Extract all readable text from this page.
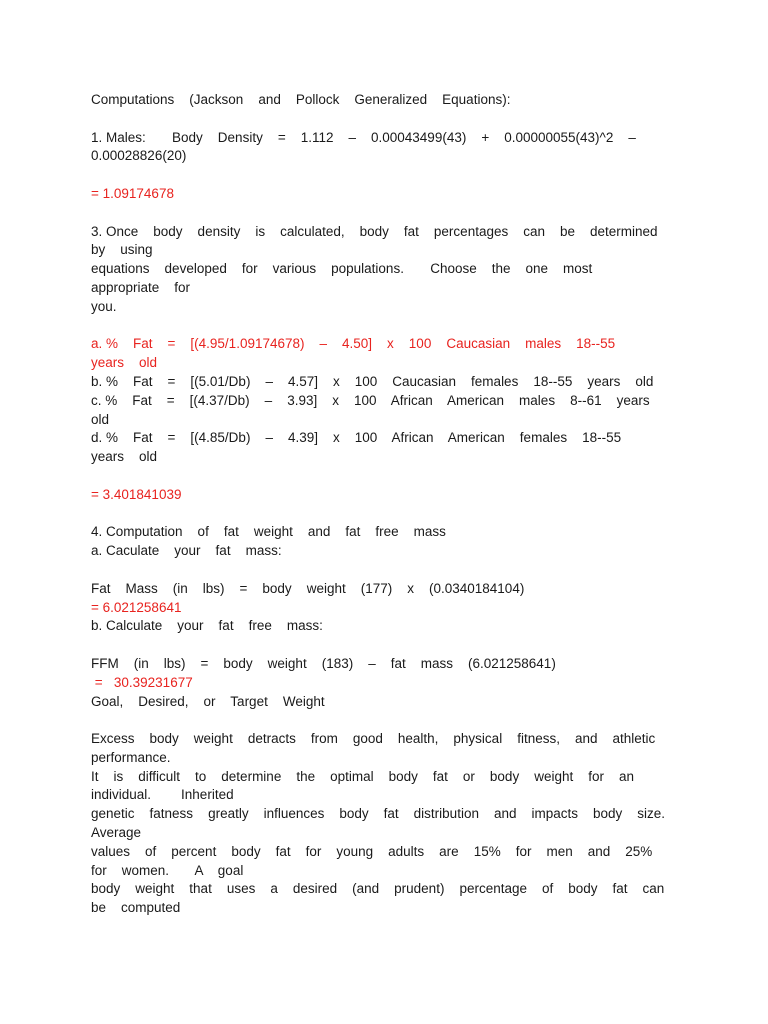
Computations    (Jackson    and    Pollock    Generalized    Equations):
1. Males:       Body    Density    =    1.112    –    0.00043499(43)    +    0.00000055(43)^2    –
0.00028826(20)
= 1.09174678
3. Once    body    density    is    calculated,    body    fat    percentages    can    be    determined
by    using
equations    developed    for    various    populations.       Choose    the    one    most
appropriate    for
you.
a. %    Fat    =    [(4.95/1.09174678)    –    4.50]    x    100    Caucasian    males    18--55
years    old
b. %    Fat    =    [(5.01/Db)    –    4.57]    x    100    Caucasian    females    18--55    years    old
c. %    Fat    =    [(4.37/Db)    –    3.93]    x    100    African    American    males    8--61    years
old
d. %    Fat    =    [(4.85/Db)    –    4.39]    x    100    African    American    females    18--55
years    old
= 3.401841039
4. Computation    of    fat    weight    and    fat    free    mass
a. Caculate    your    fat    mass:
Fat    Mass    (in    lbs)    =    body    weight    (177)    x    (0.0340184104)
= 6.021258641
b. Calculate    your    fat    free    mass:
FFM    (in    lbs)    =    body    weight    (183)    –    fat    mass    (6.021258641)
=   30.39231677
Goal,    Desired,    or    Target    Weight
Excess    body    weight    detracts    from    good    health,    physical    fitness,    and    athletic
performance.
It    is    difficult    to    determine    the    optimal    body    fat    or    body    weight    for    an
individual.        Inherited
genetic    fatness    greatly    influences    body    fat    distribution    and    impacts    body    size.
Average
values    of    percent    body    fat    for    young    adults    are    15%    for    men    and    25%
for    women.       A    goal
body    weight    that    uses    a    desired    (and    prudent)    percentage    of    body    fat    can
be    computed
